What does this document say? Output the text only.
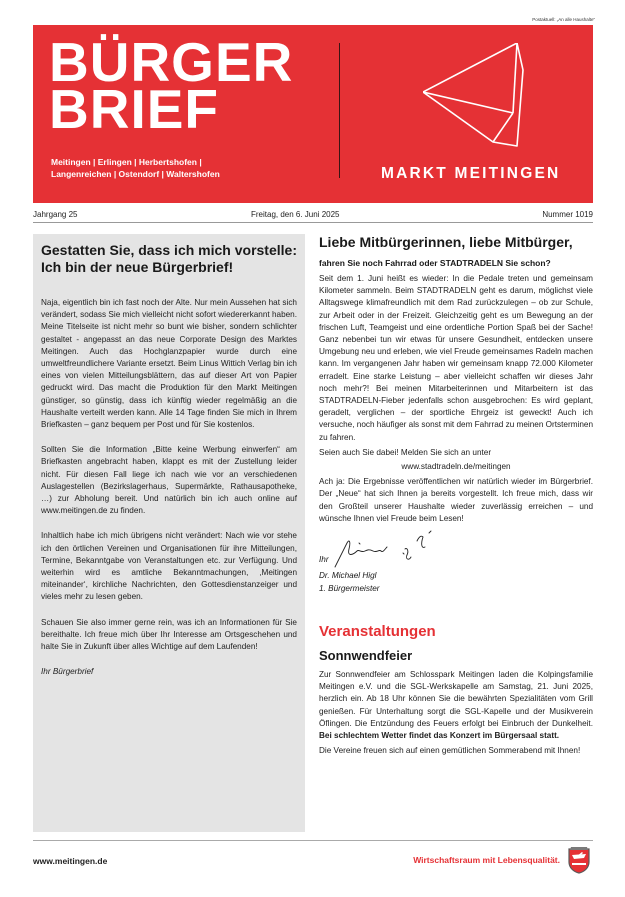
Postaktuell: „An alle Haushalte“
BÜRGER
BRIEF
Meitingen | Erlingen | Herbertshofen |
Langenreichen | Ostendorf | Waltershofen	MARKT MEITINGEN
Jahrgang 25	Freitag, den 6. Juni 2025	Nummer 1019
Gestatten Sie, dass ich mich vorstelle:
Ich bin der neue Bürgerbrief!

Naja, eigentlich bin ich fast noch der Alte. Nur mein Aussehen hat sich verändert, sodass Sie mich vielleicht nicht sofort wiedererkannt haben. Meine Titelseite ist nicht mehr so bunt wie bisher, sondern schlichter gestaltet - angepasst an das neue Corporate Design des Marktes Meitingen. Auch das Hochglanzpapier wurde durch eine umweltfreundlichere Variante ersetzt. Beim Linus Wittich Verlag bin ich eines von vielen Mitteilungsblättern, das auf dieser Art von Papier gedruckt wird. Das macht die Produktion für den Markt Meitingen günstiger, so günstig, dass ich künftig wieder regelmäßig an die Haushalte verteilt werden kann. Alle 14 Tage finden Sie mich in Ihrem Briefkasten – ganz bequem per Post und für Sie kostenlos.

Sollten Sie die Information „Bitte keine Werbung einwerfen“ am Briefkasten angebracht haben, klappt es mit der Zustellung leider nicht. Für diesen Fall liege ich nach wie vor an verschiedenen Auslagestellen (Bezirkslagerhaus, Supermärkte, Rathausapotheke, …) zur Abholung bereit. Und natürlich bin ich auch online auf www.meitingen.de zu finden.

Inhaltlich habe ich mich übrigens nicht verändert: Nach wie vor stehe ich den örtlichen Vereinen und Organisationen für ihre Mitteilungen, Termine, Bekanntgabe von Veranstaltungen etc. zur Verfügung. Und weiterhin wird es amtliche Bekanntmachungen, ‚Meitingen miteinander‘, kirchliche Nachrichten, den Gottesdienstanzeiger und vieles mehr zu lesen geben.

Schauen Sie also immer gerne rein, was ich an Informationen für Sie bereithalte. Ich freue mich über Ihr Interesse am Ortsgeschehen und halte Sie in Zukunft über alles Wichtige auf dem Laufenden!

Ihr Bürgerbrief

Liebe Mitbürgerinnen, liebe Mitbürger,
fahren Sie noch Fahrrad oder STADTRADELN Sie schon?

Seit dem 1. Juni heißt es wieder: In die Pedale treten und gemeinsam Kilometer sammeln. Beim STADTRADELN geht es darum, möglichst viele Alltagswege klimafreundlich mit dem Rad zurückzulegen – ob zur Schule, zur Arbeit oder in der Freizeit. Gleichzeitig geht es um Bewegung an der frischen Luft, Teamgeist und eine ordentliche Portion Spaß bei der Sache! Ganz nebenbei tun wir etwas für unsere Gesundheit, entdecken unsere Umgebung neu und erleben, wie viel Freude gemeinsames Radeln machen kann. Im vergangenen Jahr haben wir gemeinsam knapp 72.000 Kilometer erradelt. Eine starke Leistung – aber vielleicht schaffen wir dieses Jahr noch mehr?! Bei meinen Mitarbeiterinnen und Mitarbeitern ist das STADTRADELN-Fieber jedenfalls schon ausgebrochen: Es wird geplant, geradelt, verglichen – der sportliche Ehrgeiz ist geweckt! Auch ich versuche, noch häufiger als sonst mit dem Fahrrad zu meinen Ortsterminen zu fahren.

Seien auch Sie dabei! Melden Sie sich an unter

www.stadtradeln.de/meitingen

Ach ja: Die Ergebnisse veröffentlichen wir natürlich wieder im Bürgerbrief. Der „Neue“ hat sich Ihnen ja bereits vorgestellt. Ich freue mich, dass wir den Großteil unserer Haushalte wieder zuverlässig erreichen – und wünsche Ihnen viel Freude beim Lesen!

Ihr
Dr. Michael Higl
1. Bürgermeister
Veranstaltungen
Sonnwendfeier

Zur Sonnwendfeier am Schlosspark Meitingen laden die Kolpingsfamilie Meitingen e.V. und die SGL-Werkskapelle am Samstag, 21. Juni 2025, herzlich ein. Ab 18 Uhr können Sie die bewährten Spezialitäten vom Grill genießen. Für Unterhaltung sorgt die SGL-Kapelle und der Musikverein Öflingen. Die Entzündung des Feuers erfolgt bei Einbruch der Dunkelheit. Bei schlechtem Wetter findet das Konzert im Bürgersaal statt.

Die Vereine freuen sich auf einen gemütlichen Sommerabend mit Ihnen!

www.meitingen.de	Wirtschaftsraum mit Lebensqualität.
